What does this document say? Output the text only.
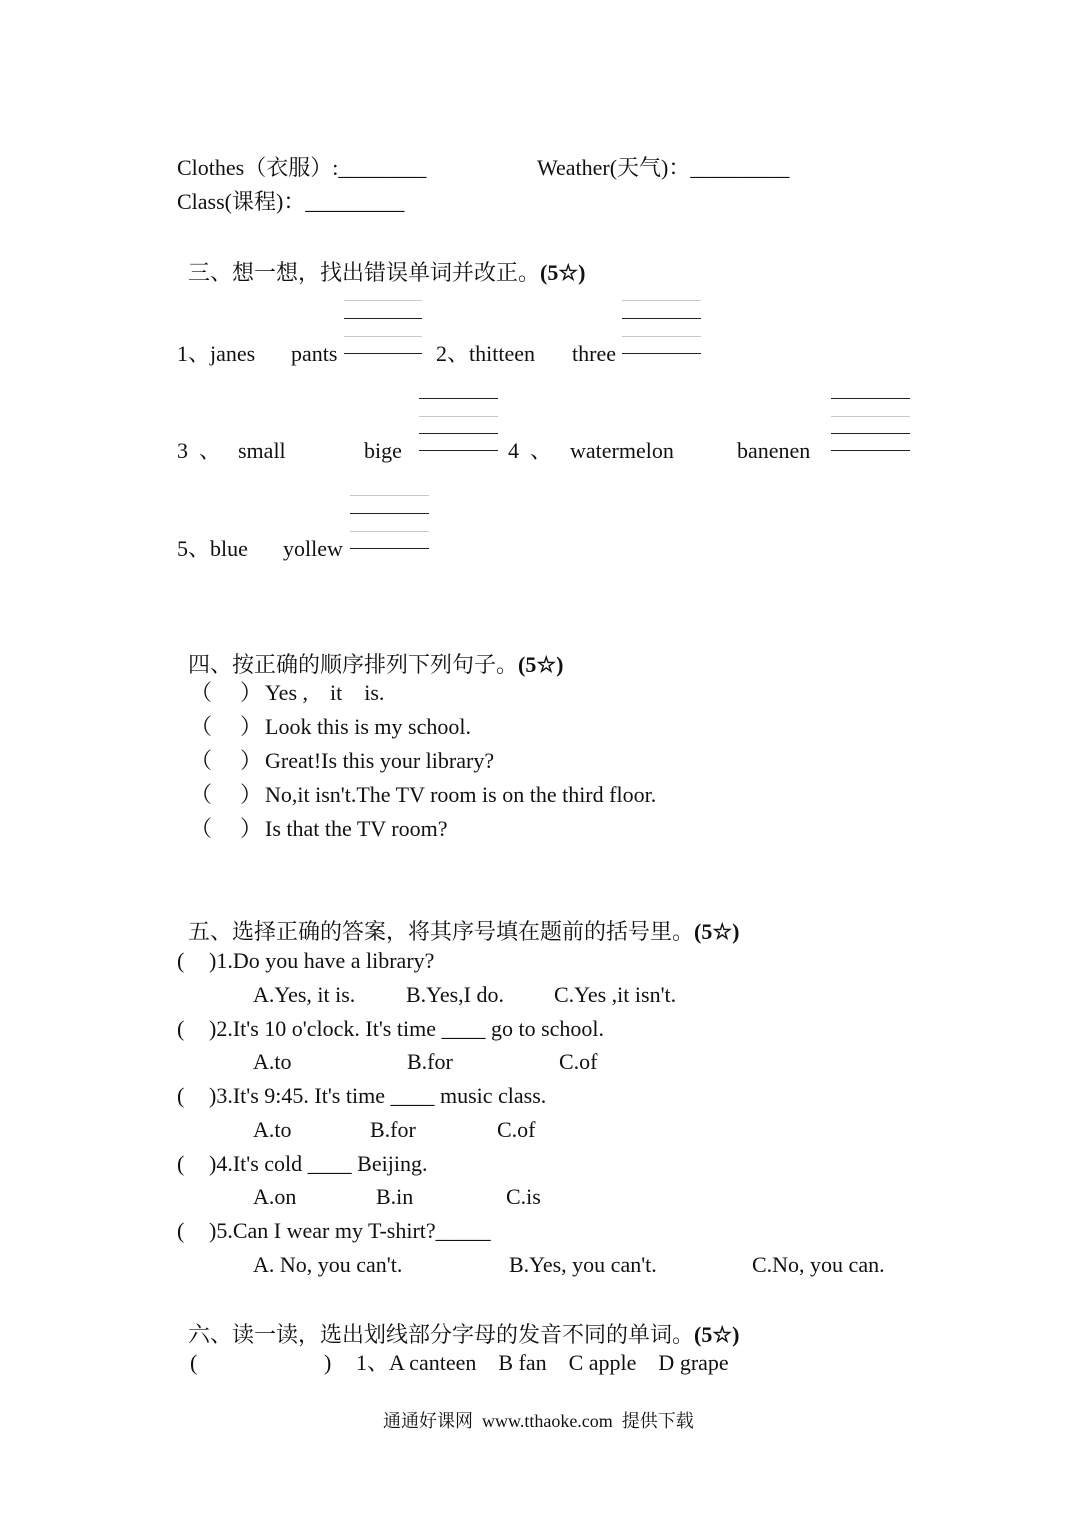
Clothes（衣服）:________	Weather(天气)：_________
Class(课程)：_________

三、想一想，找出错误单词并改正。(5☆)

1、janes pants	2、thitteen three
3  、 small	bige	4  、 watermelon	banenen
5、blue yollew

四、按正确的顺序排列下列句子。(5☆)

（ ） Yes ,    it    is.
（ ） Look this is my school.
（ ） Great!Is this your library?
（ ） No,it isn't.The TV room is on the third floor.
（ ） Is that the TV room?

五、选择正确的答案，将其序号填在题前的括号里。(5☆)

( )1.Do you have a library?
A.Yes, it is. B.Yes,I do. C.Yes ,it isn't.
( )2.It's 10 o'clock. It's time ____ go to school.
A.to	B.for	C.of
( )3.It's 9:45. It's time ____ music class.
A.to	B.for	C.of
( )4.It's cold ____ Beijing.
A.on	B.in	C.is
( )5.Can I wear my T-shirt?_____
A. No, you can't.	B.Yes, you can't.	C.No, you can.

六、读一读，选出划线部分字母的发音不同的单词。(5☆)

(	) 1、A canteen    B fan    C apple    D grape
通通好课网  www.tthaoke.com  提供下载
